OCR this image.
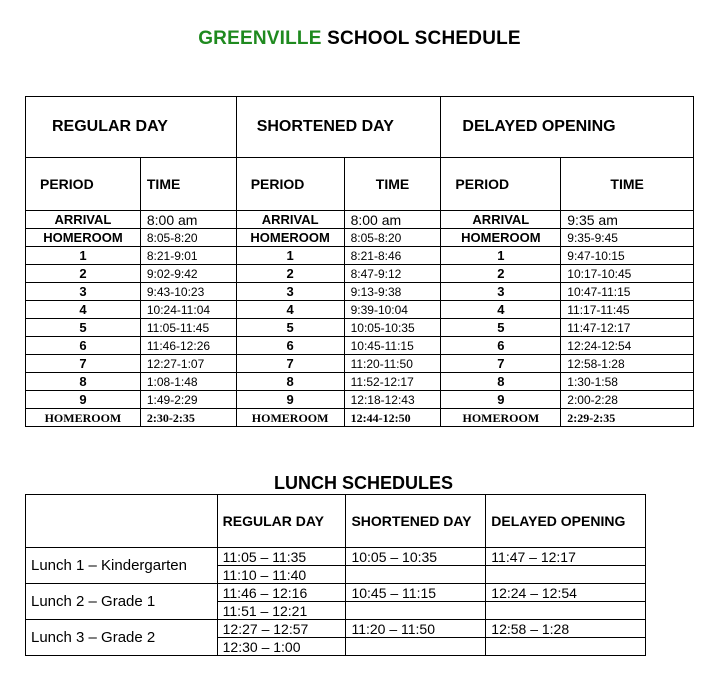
GREENVILLE SCHOOL SCHEDULE
REGULAR DAY		SHORTENED DAY		DELAYED OPENING	
PERIOD	TIME	PERIOD	TIME	PERIOD	TIME
ARRIVAL	8:00 am	ARRIVAL	8:00 am	ARRIVAL	9:35 am
HOMEROOM	8:05-8:20	HOMEROOM	8:05-8:20	HOMEROOM	9:35-9:45
1	8:21-9:01	1	8:21-8:46	1	9:47-10:15
2	9:02-9:42	2	8:47-9:12	2	10:17-10:45
3	9:43-10:23	3	9:13-9:38	3	10:47-11:15
4	10:24-11:04	4	9:39-10:04	4	11:17-11:45
5	11:05-11:45	5	10:05-10:35	5	11:47-12:17
6	11:46-12:26	6	10:45-11:15	6	12:24-12:54
7	12:27-1:07	7	11:20-11:50	7	12:58-1:28
8	1:08-1:48	8	11:52-12:17	8	1:30-1:58
9	1:49-2:29	9	12:18-12:43	9	2:00-2:28
HOMEROOM	2:30-2:35	HOMEROOM	12:44-12:50	HOMEROOM	2:29-2:35
LUNCH SCHEDULES
	REGULAR DAY	SHORTENED DAY	DELAYED OPENING
Lunch 1 – Kindergarten	11:05 – 11:35	10:05 – 10:35	11:47 – 12:17
	11:10 – 11:40		
Lunch 2 – Grade 1	11:46 – 12:16	10:45 – 11:15	12:24 – 12:54
	11:51 – 12:21		
Lunch 3 – Grade 2	12:27 – 12:57	11:20 – 11:50	12:58 – 1:28
	12:30 – 1:00		
